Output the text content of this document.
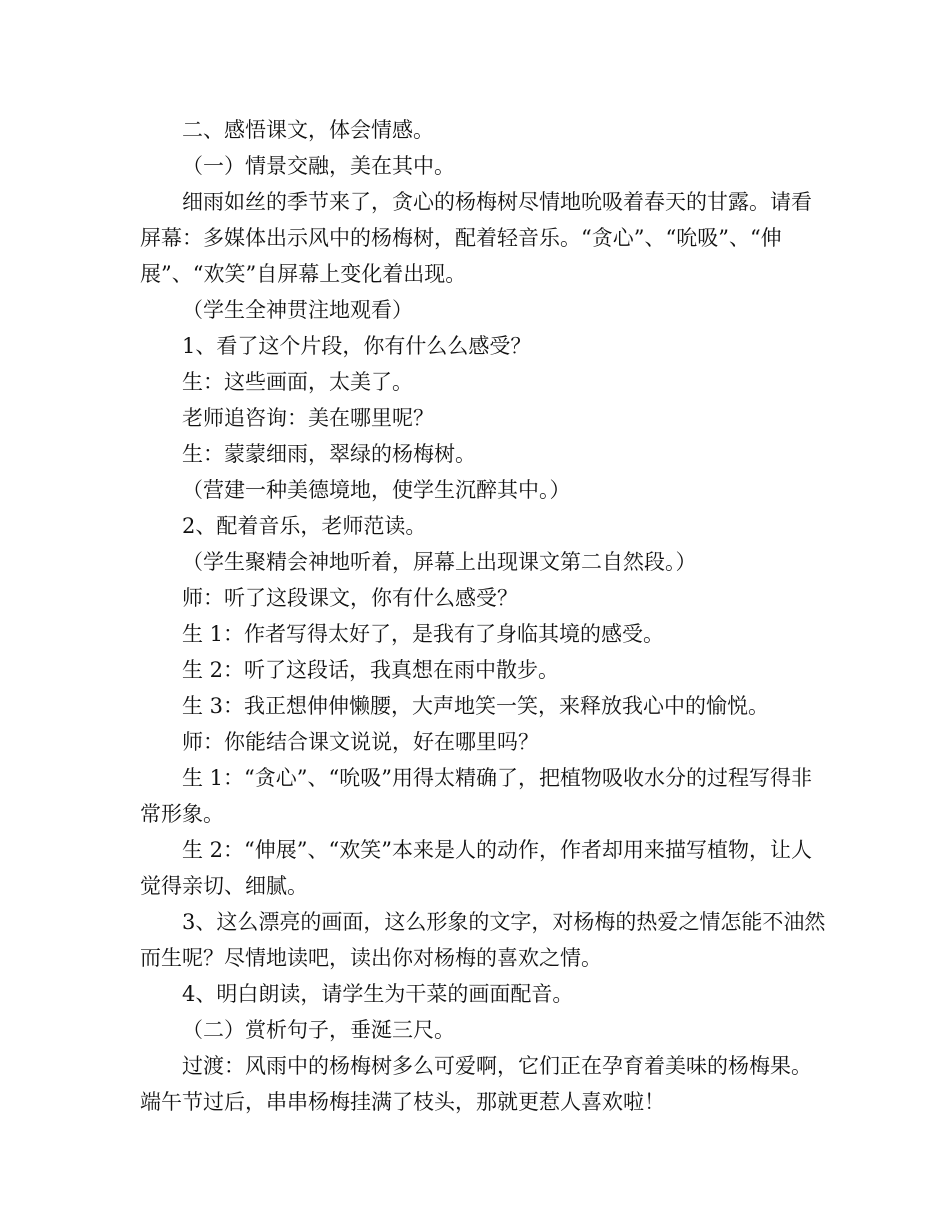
二、感悟课文，体会情感。

（一）情景交融，美在其中。

细雨如丝的季节来了，贪心的杨梅树尽情地吮吸着春天的甘露。请看屏幕：多媒体出示风中的杨梅树，配着轻音乐。“贪心”、“吮吸”、“伸展”、“欢笑”自屏幕上变化着出现。

（学生全神贯注地观看）

1、看了这个片段，你有什么么感受？

生：这些画面，太美了。

老师追咨询：美在哪里呢？

生：蒙蒙细雨，翠绿的杨梅树。

（营建一种美德境地，使学生沉醉其中。）

2、配着音乐，老师范读。

（学生聚精会神地听着，屏幕上出现课文第二自然段。）

师：听了这段课文，你有什么感受？

生 1：作者写得太好了，是我有了身临其境的感受。

生 2：听了这段话，我真想在雨中散步。

生 3：我正想伸伸懒腰，大声地笑一笑，来释放我心中的愉悦。

师：你能结合课文说说，好在哪里吗？

生 1：“贪心”、“吮吸”用得太精确了，把植物吸收水分的过程写得非常形象。

生 2：“伸展”、“欢笑”本来是人的动作，作者却用来描写植物，让人觉得亲切、细腻。

3、这么漂亮的画面，这么形象的文字，对杨梅的热爱之情怎能不油然而生呢？尽情地读吧，读出你对杨梅的喜欢之情。

4、明白朗读，请学生为干菜的画面配音。

（二）赏析句子，垂涎三尺。

过渡：风雨中的杨梅树多么可爱啊，它们正在孕育着美味的杨梅果。端午节过后，串串杨梅挂满了枝头，那就更惹人喜欢啦！
